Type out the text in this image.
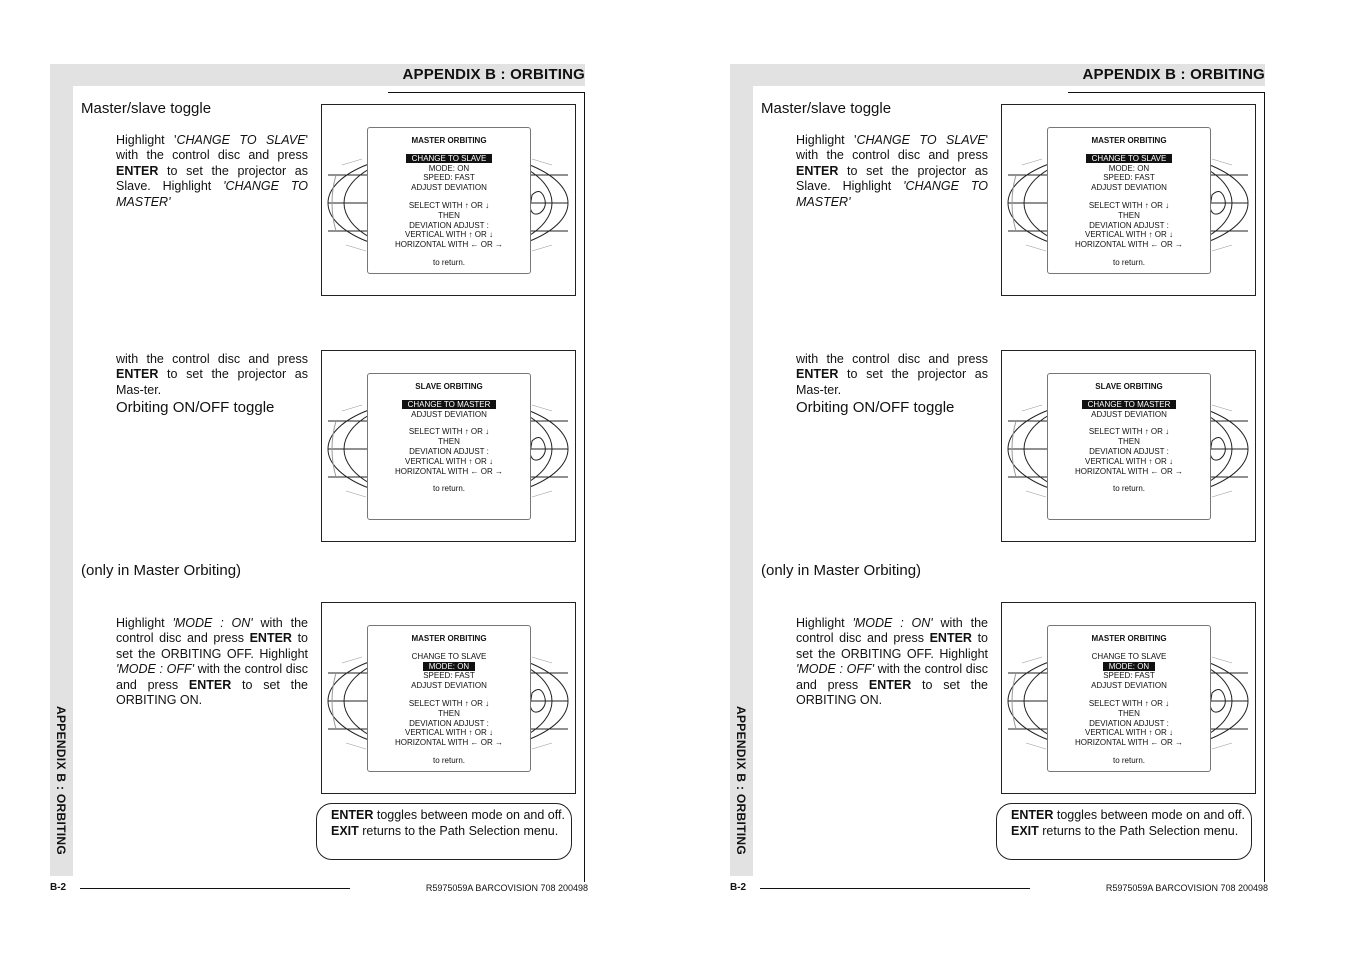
APPENDIX B : ORBITING
APPENDIX B : ORBITING
Master/slave toggle
Highlight 'CHANGE TO SLAVE' with the control disc and press ENTER to set the projector as Slave. Highlight 'CHANGE TO MASTER'
MASTER ORBITING
CHANGE TO SLAVE
MODE: ON
SPEED: FAST
ADJUST DEVIATION
SELECT WITH ↑ OR ↓
THEN
DEVIATION ADJUST :
VERTICAL WITH ↑ OR ↓
HORIZONTAL WITH ← OR →
to return.
with the control disc and press ENTER to set the projector as Mas-ter.
Orbiting ON/OFF toggle
SLAVE ORBITING
CHANGE TO MASTER
ADJUST DEVIATION
SELECT WITH ↑ OR ↓
THEN
DEVIATION ADJUST :
VERTICAL WITH ↑ OR ↓
HORIZONTAL WITH ← OR →
to return.
(only in Master Orbiting)
Highlight 'MODE : ON' with the control disc and press ENTER to set the ORBITING OFF. Highlight 'MODE : OFF' with the control disc and press ENTER to set the ORBITING ON.
MASTER ORBITING
CHANGE TO SLAVE
MODE: ON
SPEED: FAST
ADJUST DEVIATION
SELECT WITH ↑ OR ↓
THEN
DEVIATION ADJUST :
VERTICAL WITH ↑ OR ↓
HORIZONTAL WITH ← OR →
to return.
ENTER toggles between mode on and off.
EXIT returns to the Path Selection menu.
B-2	R5975059A BARCOVISION 708 200498
APPENDIX B : ORBITING
APPENDIX B : ORBITING
Master/slave toggle
Highlight 'CHANGE TO SLAVE' with the control disc and press ENTER to set the projector as Slave. Highlight 'CHANGE TO MASTER'
MASTER ORBITING
CHANGE TO SLAVE
MODE: ON
SPEED: FAST
ADJUST DEVIATION
SELECT WITH ↑ OR ↓
THEN
DEVIATION ADJUST :
VERTICAL WITH ↑ OR ↓
HORIZONTAL WITH ← OR →
to return.
with the control disc and press ENTER to set the projector as Mas-ter.
Orbiting ON/OFF toggle
SLAVE ORBITING
CHANGE TO MASTER
ADJUST DEVIATION
SELECT WITH ↑ OR ↓
THEN
DEVIATION ADJUST :
VERTICAL WITH ↑ OR ↓
HORIZONTAL WITH ← OR →
to return.
(only in Master Orbiting)
Highlight 'MODE : ON' with the control disc and press ENTER to set the ORBITING OFF. Highlight 'MODE : OFF' with the control disc and press ENTER to set the ORBITING ON.
MASTER ORBITING
CHANGE TO SLAVE
MODE: ON
SPEED: FAST
ADJUST DEVIATION
SELECT WITH ↑ OR ↓
THEN
DEVIATION ADJUST :
VERTICAL WITH ↑ OR ↓
HORIZONTAL WITH ← OR →
to return.
ENTER toggles between mode on and off.
EXIT returns to the Path Selection menu.
B-2	R5975059A BARCOVISION 708 200498
